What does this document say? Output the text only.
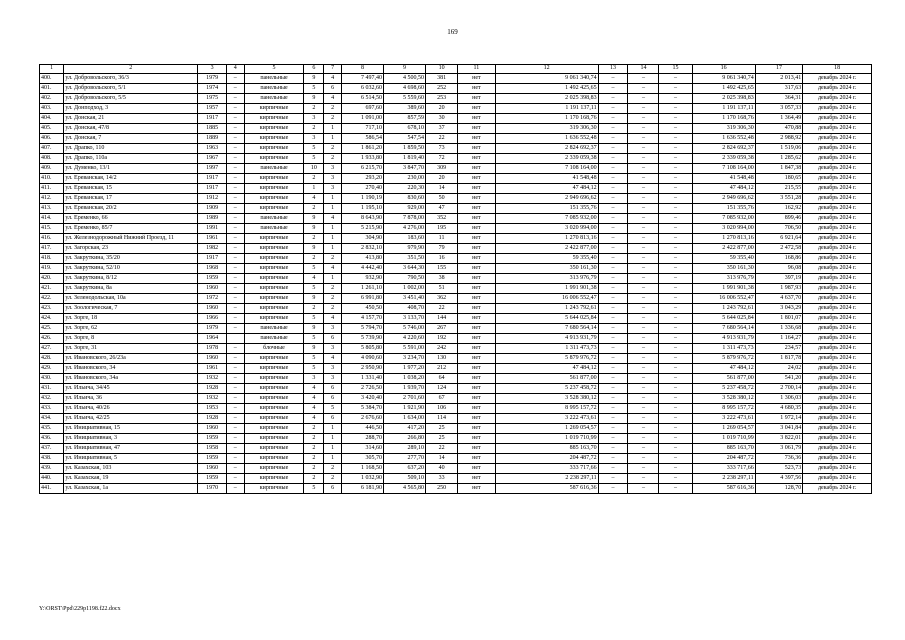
169
1	2	3	4	5	6	7	8	9	10	11	12	13	14	15	16	17	18
400.	ул. Добровольского, 36/3	1979	–	панельные	9	4	7 497,40	4 500,50	381	нет	9 061 340,74	–	–	–	9 061 340,74	2 013,41	декабрь 2024 г.
401.	ул. Добровольского, 5/1	1974	–	панельные	5	6	6 032,60	4 698,60	252	нет	1 492 425,65	–	–	–	1 492 425,65	317,63	декабрь 2024 г.
402.	ул. Добровольского, 5/5	1975	–	панельные	9	4	6 514,50	5 559,60	253	нет	2 025 398,83	–	–	–	2 025 398,83	364,31	декабрь 2024 г.
403.	ул. Донподход, 3	1957	–	кирпичные	2	2	697,60	389,60	20	нет	1 191 137,11	–	–	–	1 191 137,11	3 057,33	декабрь 2024 г.
404.	ул. Донская, 21	1917	–	кирпичные	3	2	1 091,00	857,59	30	нет	1 170 168,76	–	–	–	1 170 168,76	1 364,49	декабрь 2024 г.
405.	ул. Донская, 47/8	1885	–	кирпичные	2	1	717,10	678,10	37	нет	319 306,30	–	–	–	319 306,30	470,88	декабрь 2024 г.
406.	ул. Донская, 7	1889	–	кирпичные	3	1	586,54	547,54	22	нет	1 636 552,48	–	–	–	1 636 552,48	2 988,92	декабрь 2024 г.
407.	ул. Драпко, 110	1963	–	кирпичные	5	2	1 861,20	1 859,50	73	нет	2 824 692,37	–	–	–	2 824 692,37	1 519,06	декабрь 2024 г.
408.	ул. Драпко, 110а	1967	–	кирпичные	5	2	1 933,80	1 819,40	72	нет	2 339 059,38	–	–	–	2 339 059,38	1 285,62	декабрь 2024 г.
409.	ул. Думенко, 13/1	1997	–	панельные	10	3	6 215,70	3 847,70	309	нет	7 108 164,00	–	–	–	7 108 164,00	1 847,38	декабрь 2024 г.
410.	ул. Ереванская, 14/2	1917	–	кирпичные	2	3	293,20	230,00	20	нет	41 548,48	–	–	–	41 548,48	180,65	декабрь 2024 г.
411.	ул. Ереванская, 15	1917	–	кирпичные	1	3	270,40	220,30	14	нет	47 484,12	–	–	–	47 484,12	215,55	декабрь 2024 г.
412.	ул. Ереванская, 17	1912	–	кирпичные	4	1	1 190,19	830,60	50	нет	2 949 696,62	–	–	–	2 949 696,62	3 551,28	декабрь 2024 г.
413.	ул. Ереванская, 20/2	1909	–	кирпичные	2	1	1 195,10	929,00	47	нет	151 355,76	–	–	–	151 355,76	162,92	декабрь 2024 г.
414.	ул. Еременко, 66	1989	–	панельные	9	4	8 643,90	7 878,00	352	нет	7 085 932,00	–	–	–	7 085 932,00	899,46	декабрь 2024 г.
415.	ул. Еременко, 85/7	1991	–	панельные	9	1	5 215,90	4 276,00	195	нет	3 020 994,00	–	–	–	3 020 994,00	706,50	декабрь 2024 г.
416.	ул. Железнодорожный Нижний Проезд, 11	1961	–	кирпичные	2	1	304,90	183,60	11	нет	1 270 813,16	–	–	–	1 270 813,16	6 921,64	декабрь 2024 г.
417.	ул. Загорская, 23	1982	–	кирпичные	9	1	2 832,10	979,90	79	нет	2 422 877,00	–	–	–	2 422 877,00	2 472,58	декабрь 2024 г.
418.	ул. Закруткина, 35/20	1917	–	кирпичные	2	2	413,80	351,50	16	нет	59 355,40	–	–	–	59 355,40	168,86	декабрь 2024 г.
419.	ул. Закруткина, 52/10	1968	–	кирпичные	5	4	4 442,40	3 644,30	155	нет	350 161,30	–	–	–	350 161,30	96,08	декабрь 2024 г.
420.	ул. Закруткина, 8/12	1959	–	кирпичные	4	1	932,90	790,50	38	нет	313 976,79	–	–	–	313 976,79	397,19	декабрь 2024 г.
421.	ул. Закруткина, 8а	1960	–	кирпичные	5	2	1 261,10	1 002,00	51	нет	1 991 901,38	–	–	–	1 991 901,38	1 987,93	декабрь 2024 г.
422.	ул. Зеленодольская, 10а	1972	–	кирпичные	9	2	6 991,80	3 451,40	362	нет	16 006 552,47	–	–	–	16 006 552,47	4 637,70	декабрь 2024 г.
423.	ул. Зоологическая, 7	1960	–	кирпичные	2	2	450,50	408,70	22	нет	1 243 792,61	–	–	–	1 243 792,61	3 043,29	декабрь 2024 г.
424.	ул. Зорге, 18	1966	–	кирпичные	5	4	4 157,70	3 133,70	144	нет	5 644 025,84	–	–	–	5 644 025,84	1 801,07	декабрь 2024 г.
425.	ул. Зорге, 62	1979	–	панельные	9	3	5 794,70	5 746,00	267	нет	7 680 564,14	–	–	–	7 680 564,14	1 336,68	декабрь 2024 г.
426.	ул. Зорге, 8	1964		панельные	5	6	5 739,90	4 220,60	192	нет	4 913 931,79	–	–	–	4 913 931,79	1 164,27	декабрь 2024 г.
427.	ул. Зорге, 31	1978	–	блочные	9	3	5 805,80	5 591,00	242	нет	1 311 473,73	–	–	–	1 311 473,73	234,57	декабрь 2024 г.
428.	ул. Ивановского, 26/23а	1960	–	кирпичные	5	4	4 090,60	3 234,70	130	нет	5 879 976,72	–	–	–	5 879 976,72	1 817,78	декабрь 2024 г.
429.	ул. Ивановского, 34	1961	–	кирпичные	5	3	2 950,90	1 977,20	212	нет	47 484,12	–	–	–	47 484,12	24,02	декабрь 2024 г.
430.	ул. Ивановского, 34а	1932	–	кирпичные	3	3	1 331,40	1 038,20	64	нет	561 877,00	–	–	–	561 877,00	541,20	декабрь 2024 г.
431.	ул. Ильича, 34/45	1928	–	кирпичные	4	6	2 726,50	1 939,70	124	нет	5 237 458,72	–	–	–	5 237 458,72	2 700,14	декабрь 2024 г.
432.	ул. Ильича, 36	1932	–	кирпичные	4	6	3 420,40	2 701,60	67	нет	3 528 380,12	–	–	–	3 528 380,12	1 306,03	декабрь 2024 г.
433.	ул. Ильича, 40/26	1953	–	кирпичные	4	5	5 384,70	1 921,90	106	нет	8 995 157,72	–	–	–	8 995 157,72	4 680,35	декабрь 2024 г.
434.	ул. Ильича, 42/25	1928	–	кирпичные	4	6	2 676,60	1 634,00	114	нет	3 222 473,61	–	–	–	3 222 473,61	1 972,14	декабрь 2024 г.
435.	ул. Инициативная, 15	1960	–	кирпичные	2	1	446,50	417,20	25	нет	1 269 054,57	–	–	–	1 269 054,57	3 041,84	декабрь 2024 г.
436.	ул. Инициативная, 3	1959	–	кирпичные	2	1	288,70	266,80	25	нет	1 019 710,99	–	–	–	1 019 710,99	3 822,01	декабрь 2024 г.
437.	ул. Инициативная, 47	1958	–	кирпичные	2	1	314,60	289,10	22	нет	885 163,70	–	–	–	885 163,70	3 061,79	декабрь 2024 г.
438.	ул. Инициативная, 5	1959	–	кирпичные	2	1	305,70	277,70	14	нет	204 487,72	–	–	–	204 487,72	736,36	декабрь 2024 г.
439.	ул. Казахская, 103	1960	–	кирпичные	2	2	1 168,50	637,20	40	нет	333 717,66	–	–	–	333 717,66	523,73	декабрь 2024 г.
440.	ул. Казахская, 19	1959	–	кирпичные	2	2	1 032,90	509,10	33	нет	2 238 297,11	–	–	–	2 238 297,11	4 397,56	декабрь 2024 г.
441.	ул. Казахская, 1а	1970	–	кирпичные	5	6	6 181,90	4 565,80	250	нет	587 616,36	–	–	–	587 616,36	128,70	декабрь 2024 г.
Y:\ORST\Ppd\229p1198.f22.docx
